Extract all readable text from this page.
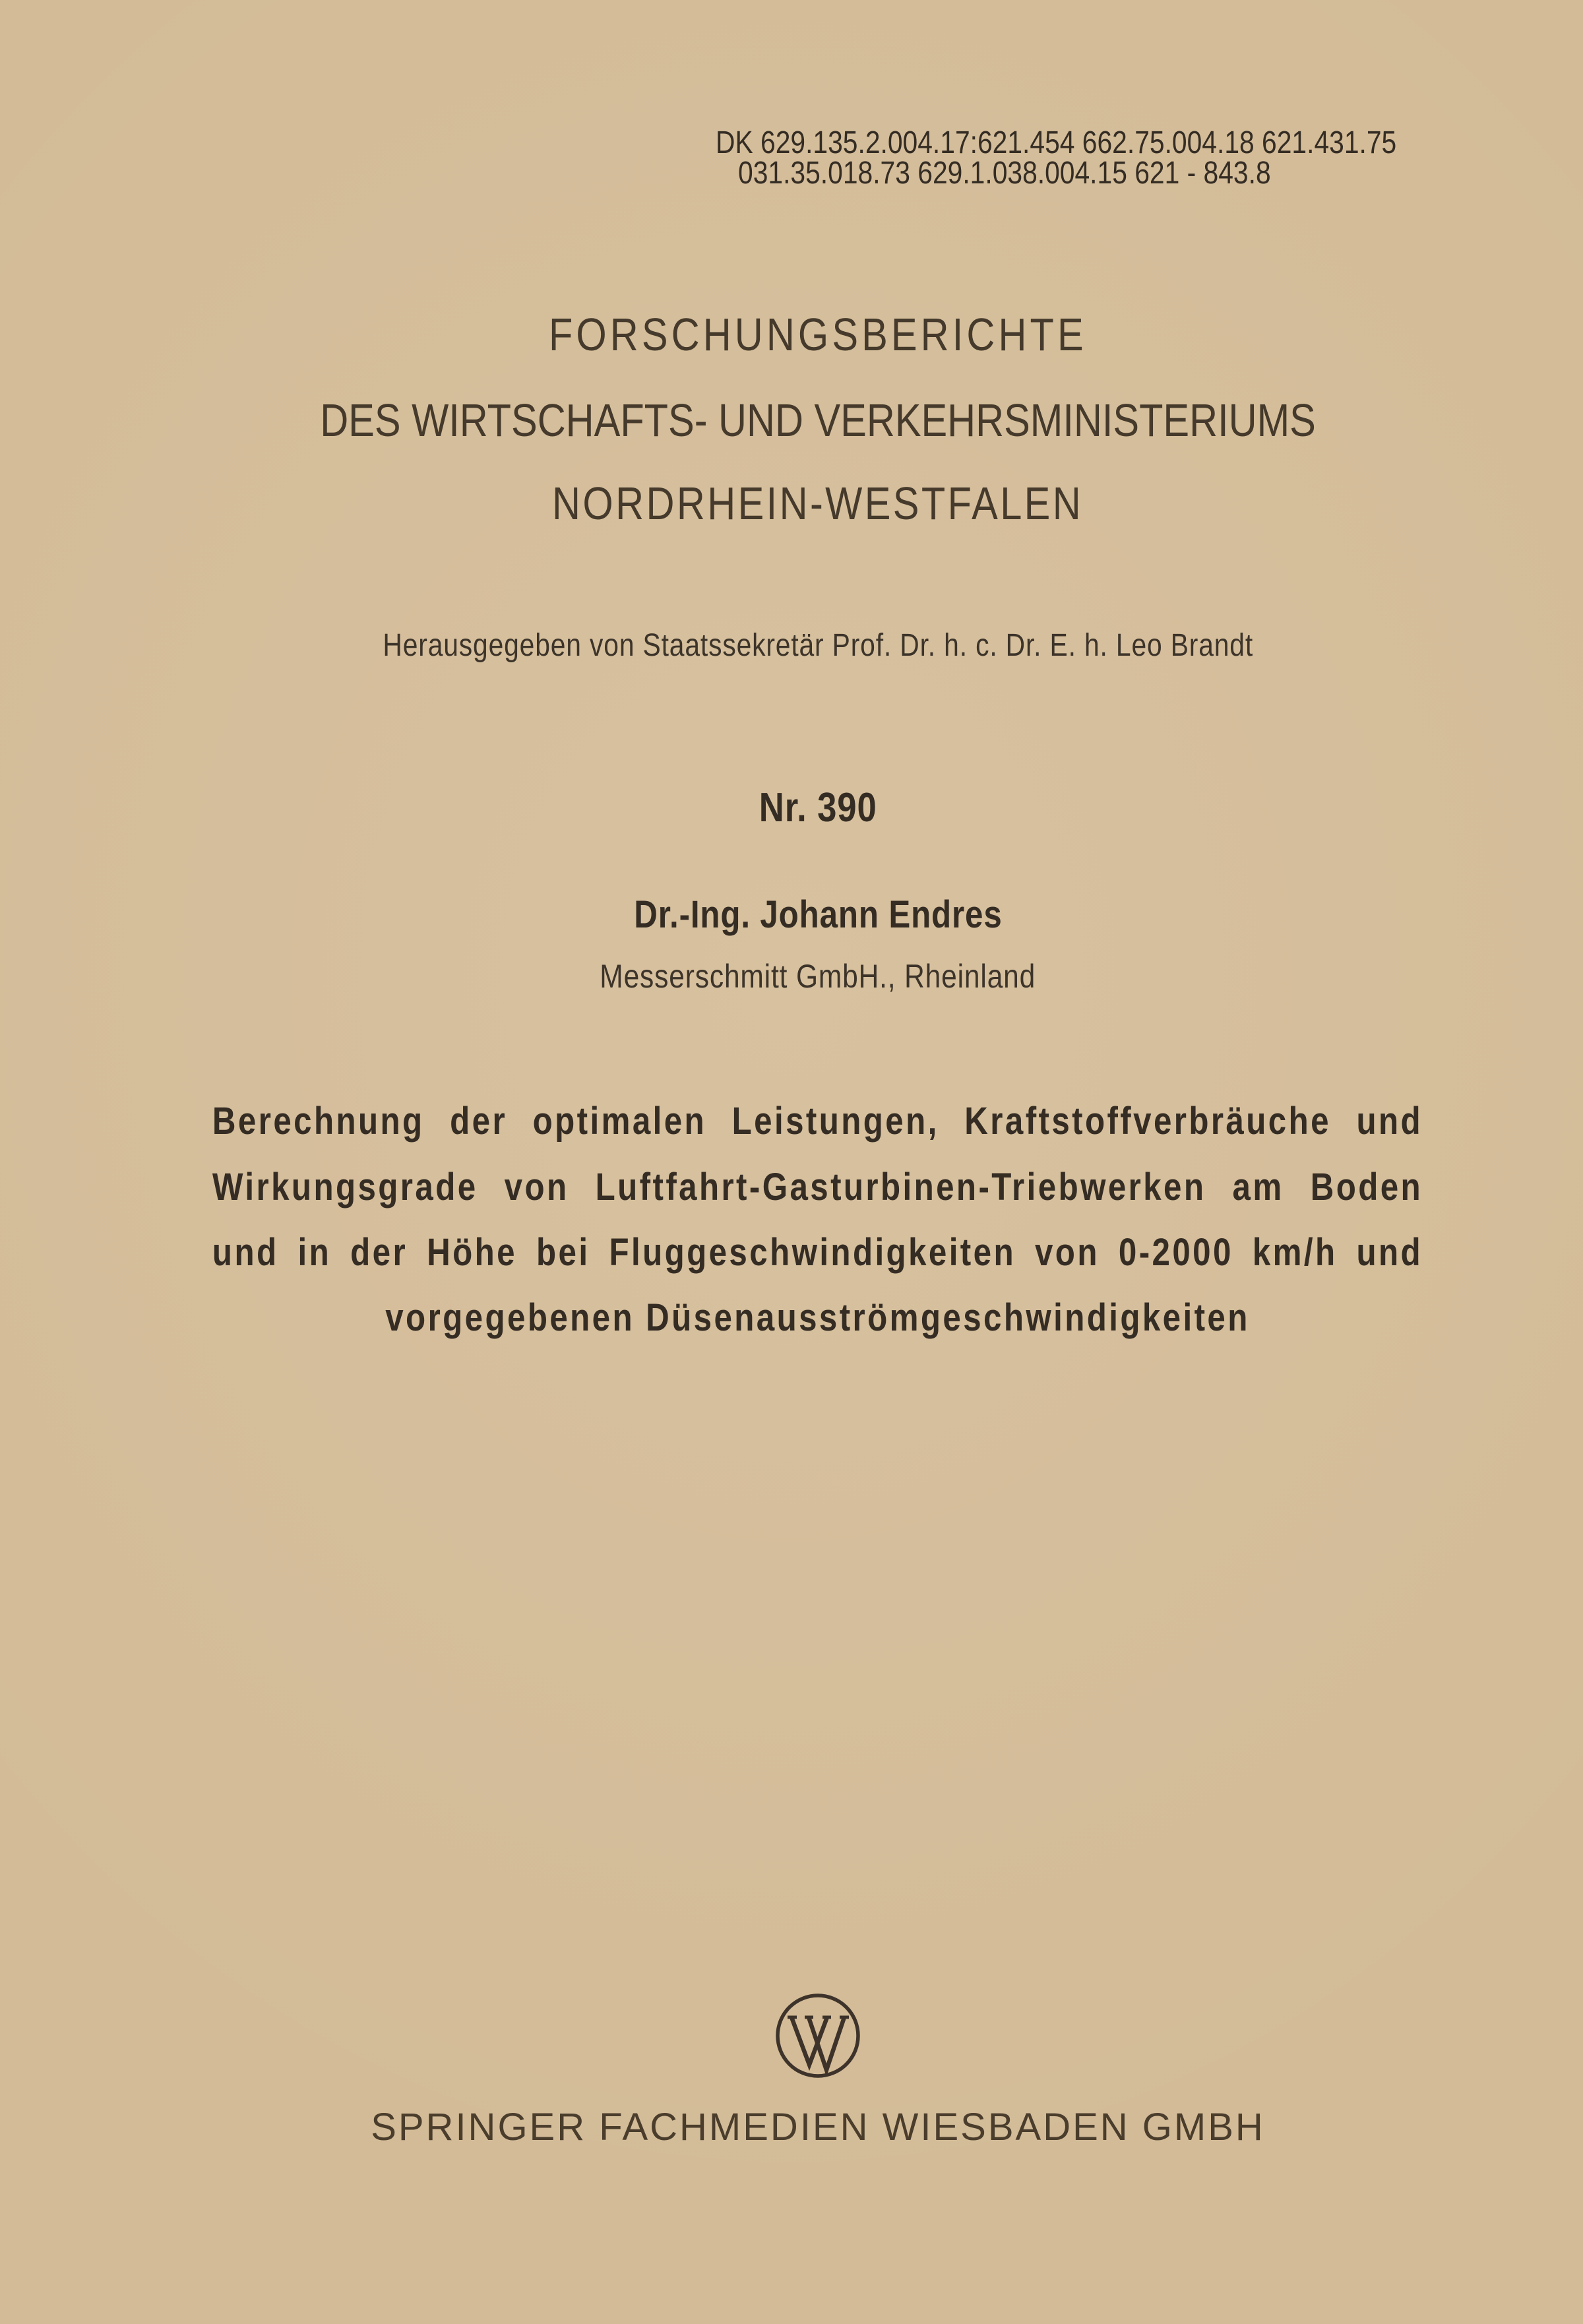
DK 629.135.2.004.17:621.454 662.75.004.18 621.431.75
031.35.018.73 629.1.038.004.15 621 - 843.8
FORSCHUNGSBERICHTE
DES WIRTSCHAFTS- UND VERKEHRSMINISTERIUMS
NORDRHEIN-WESTFALEN
Herausgegeben von Staatssekretär Prof. Dr. h. c. Dr. E. h. Leo Brandt
Nr. 390
Dr.-Ing. Johann Endres
Messerschmitt GmbH., Rheinland
Berechnung der optimalen Leistungen, Kraftstoffverbräuche und
Wirkungsgrade von Luftfahrt-Gasturbinen-Triebwerken am Boden
und in der Höhe bei Fluggeschwindigkeiten von 0-2000 km/h und
vorgegebenen Düsenausströmgeschwindigkeiten
SPRINGER FACHMEDIEN WIESBADEN GMBH
